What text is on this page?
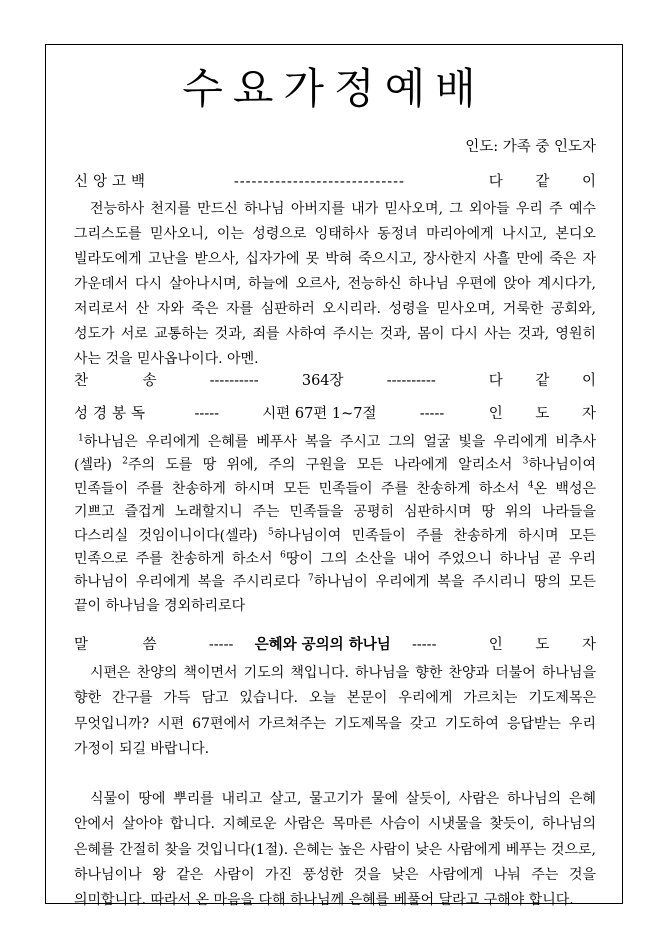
수요가정예배
인도: 가족 중 인도자
신앙고백	-----------------------------	다 같 이

전능하사 천지를 만드신 하나님 아버지를 내가 믿사오며, 그 외아들 우리 주 예수 그리스도를 믿사오니, 이는 성령으로 잉태하사 동정녀 마리아에게 나시고, 본디오 빌라도에게 고난을 받으사, 십자가에 못 박혀 죽으시고, 장사한지 사흘 만에 죽은 자 가운데서 다시 살아나시며, 하늘에 오르사, 전능하신 하나님 우편에 앉아 계시다가, 저리로서 산 자와 죽은 자를 심판하러 오시리라. 성령을 믿사오며, 거룩한 공회와, 성도가 서로 교통하는 것과, 죄를 사하여 주시는 것과, 몸이 다시 사는 것과, 영원히 사는 것을 믿사옵나이다. 아멘.

찬 송	----------	364장	----------	다 같 이
성경봉독	-----	시편 67편 1~7절	-----	인 도 자

$^1$하나님은 우리에게 은혜를 베푸사 복을 주시고 그의 얼굴 빛을 우리에게 비추사(셀라) $^2$주의 도를 땅 위에, 주의 구원을 모든 나라에게 알리소서 $^3$하나님이여 민족들이 주를 찬송하게 하시며 모든 민족들이 주를 찬송하게 하소서 $^4$온 백성은 기쁘고 즐겁게 노래할지니 주는 민족들을 공평히 심판하시며 땅 위의 나라들을 다스리실 것임이니이다(셀라) $^5$하나님이여 민족들이 주를 찬송하게 하시며 모든 민족으로 주를 찬송하게 하소서 $^6$땅이 그의 소산을 내어 주었으니 하나님 곧 우리 하나님이 우리에게 복을 주시리로다 $^7$하나님이 우리에게 복을 주시리니 땅의 모든 끝이 하나님을 경외하리로다

말 씀	----- 은혜와 공의의 하나님 -----	인 도 자

시편은 찬양의 책이면서 기도의 책입니다. 하나님을 향한 찬양과 더불어 하나님을 향한 간구를 가득 담고 있습니다. 오늘 본문이 우리에게 가르치는 기도제목은 무엇입니까? 시편 67편에서 가르쳐주는 기도제목을 갖고 기도하여 응답받는 우리 가정이 되길 바랍니다.

식물이 땅에 뿌리를 내리고 살고, 물고기가 물에 살듯이, 사람은 하나님의 은혜 안에서 살아야 합니다. 지혜로운 사람은 목마른 사슴이 시냇물을 찾듯이, 하나님의 은혜를 간절히 찾을 것입니다(1절). 은혜는 높은 사람이 낮은 사람에게 베푸는 것으로, 하나님이나 왕 같은 사람이 가진 풍성한 것을 낮은 사람에게 나눠 주는 것을 의미합니다. 따라서 온 마음을 다해 하나님께 은혜를 베풀어 달라고 구해야 합니다.
